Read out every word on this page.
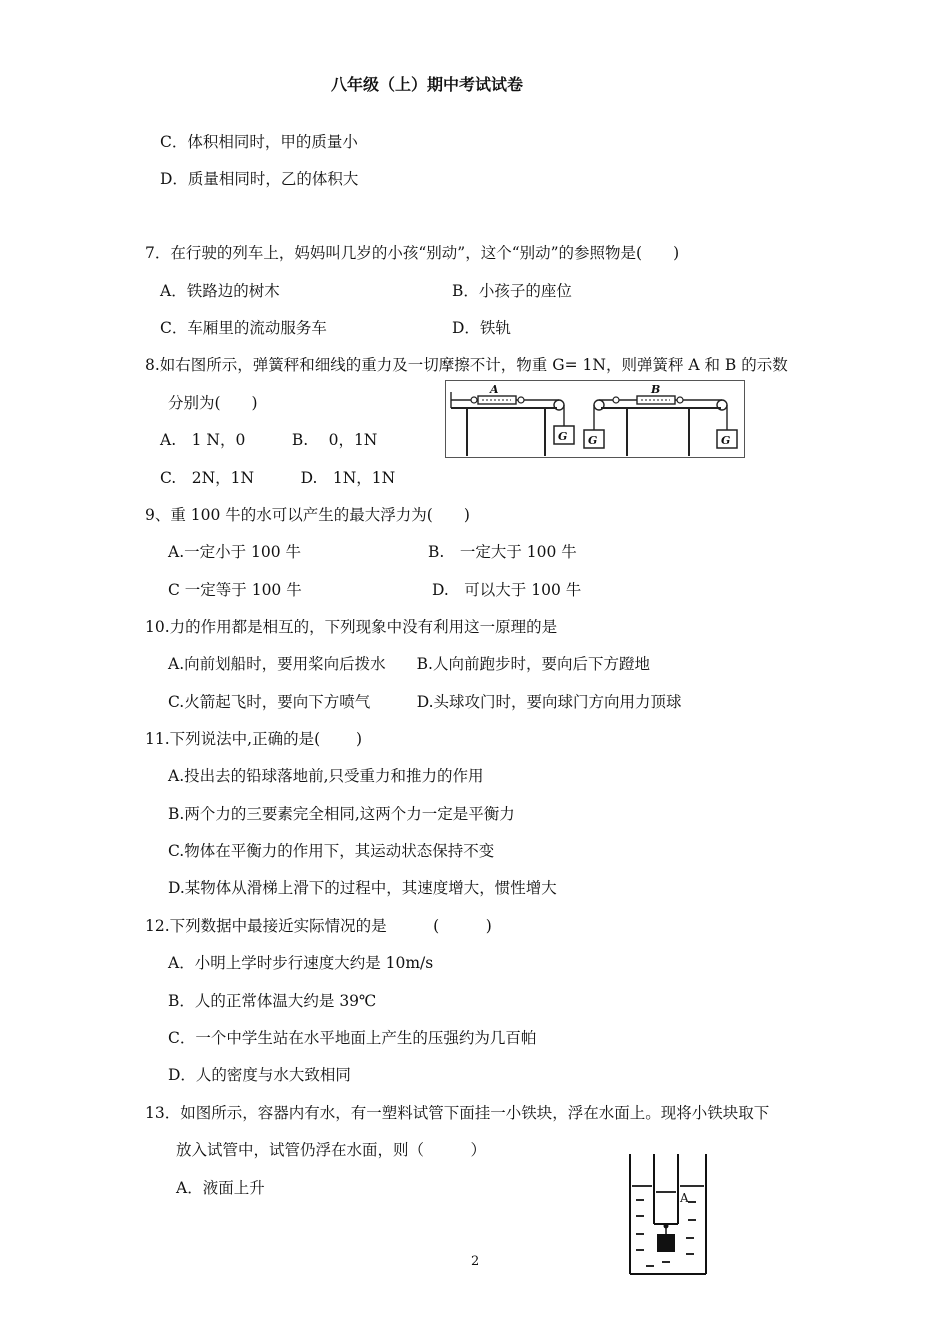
八年级（上）期中考试试卷
C．体积相同时，甲的质量小
D．质量相同时，乙的体积大
7．在行驶的列车上，妈妈叫几岁的小孩“别动”，这个“别动”的参照物是(　　)
A．铁路边的树木	B．小孩子的座位
C．车厢里的流动服务车	D．铁轨
8.如右图所示，弹簧秤和细线的重力及一切摩擦不计，物重 G= 1N，则弹簧秤 A 和 B 的示数
分别为(　　)
A.　1 N，0　　　B.　 0，1N
C.　2N，1N　　　D.　1N，1N
A	B
G G	G
9、重 100 牛的水可以产生的最大浮力为(　　)
A.一定小于 100 牛	B.　一定大于 100 牛
C 一定等于 100 牛	D.　可以大于 100 牛
10.力的作用都是相互的，下列现象中没有利用这一原理的是
A.向前划船时，要用桨向后拨水　　B.人向前跑步时，要向后下方蹬地
C.火箭起飞时，要向下方喷气　　　D.头球攻门时，要向球门方向用力顶球
11.下列说法中,正确的是(　　 )
A.投出去的铅球落地前,只受重力和推力的作用
B.两个力的三要素完全相同,这两个力一定是平衡力
C.物体在平衡力的作用下，其运动状态保持不变
D.某物体从滑梯上滑下的过程中，其速度增大，惯性增大
12.下列数据中最接近实际情况的是　　　(　　　)
A．小明上学时步行速度大约是 10m/s
B．人的正常体温大约是 39℃
C．一个中学生站在水平地面上产生的压强约为几百帕
D．人的密度与水大致相同
13．如图所示，容器内有水，有一塑料试管下面挂一小铁块，浮在水面上。现将小铁块取下
放入试管中，试管仍浮在水面，则（　　　）
A．液面上升
A
2
